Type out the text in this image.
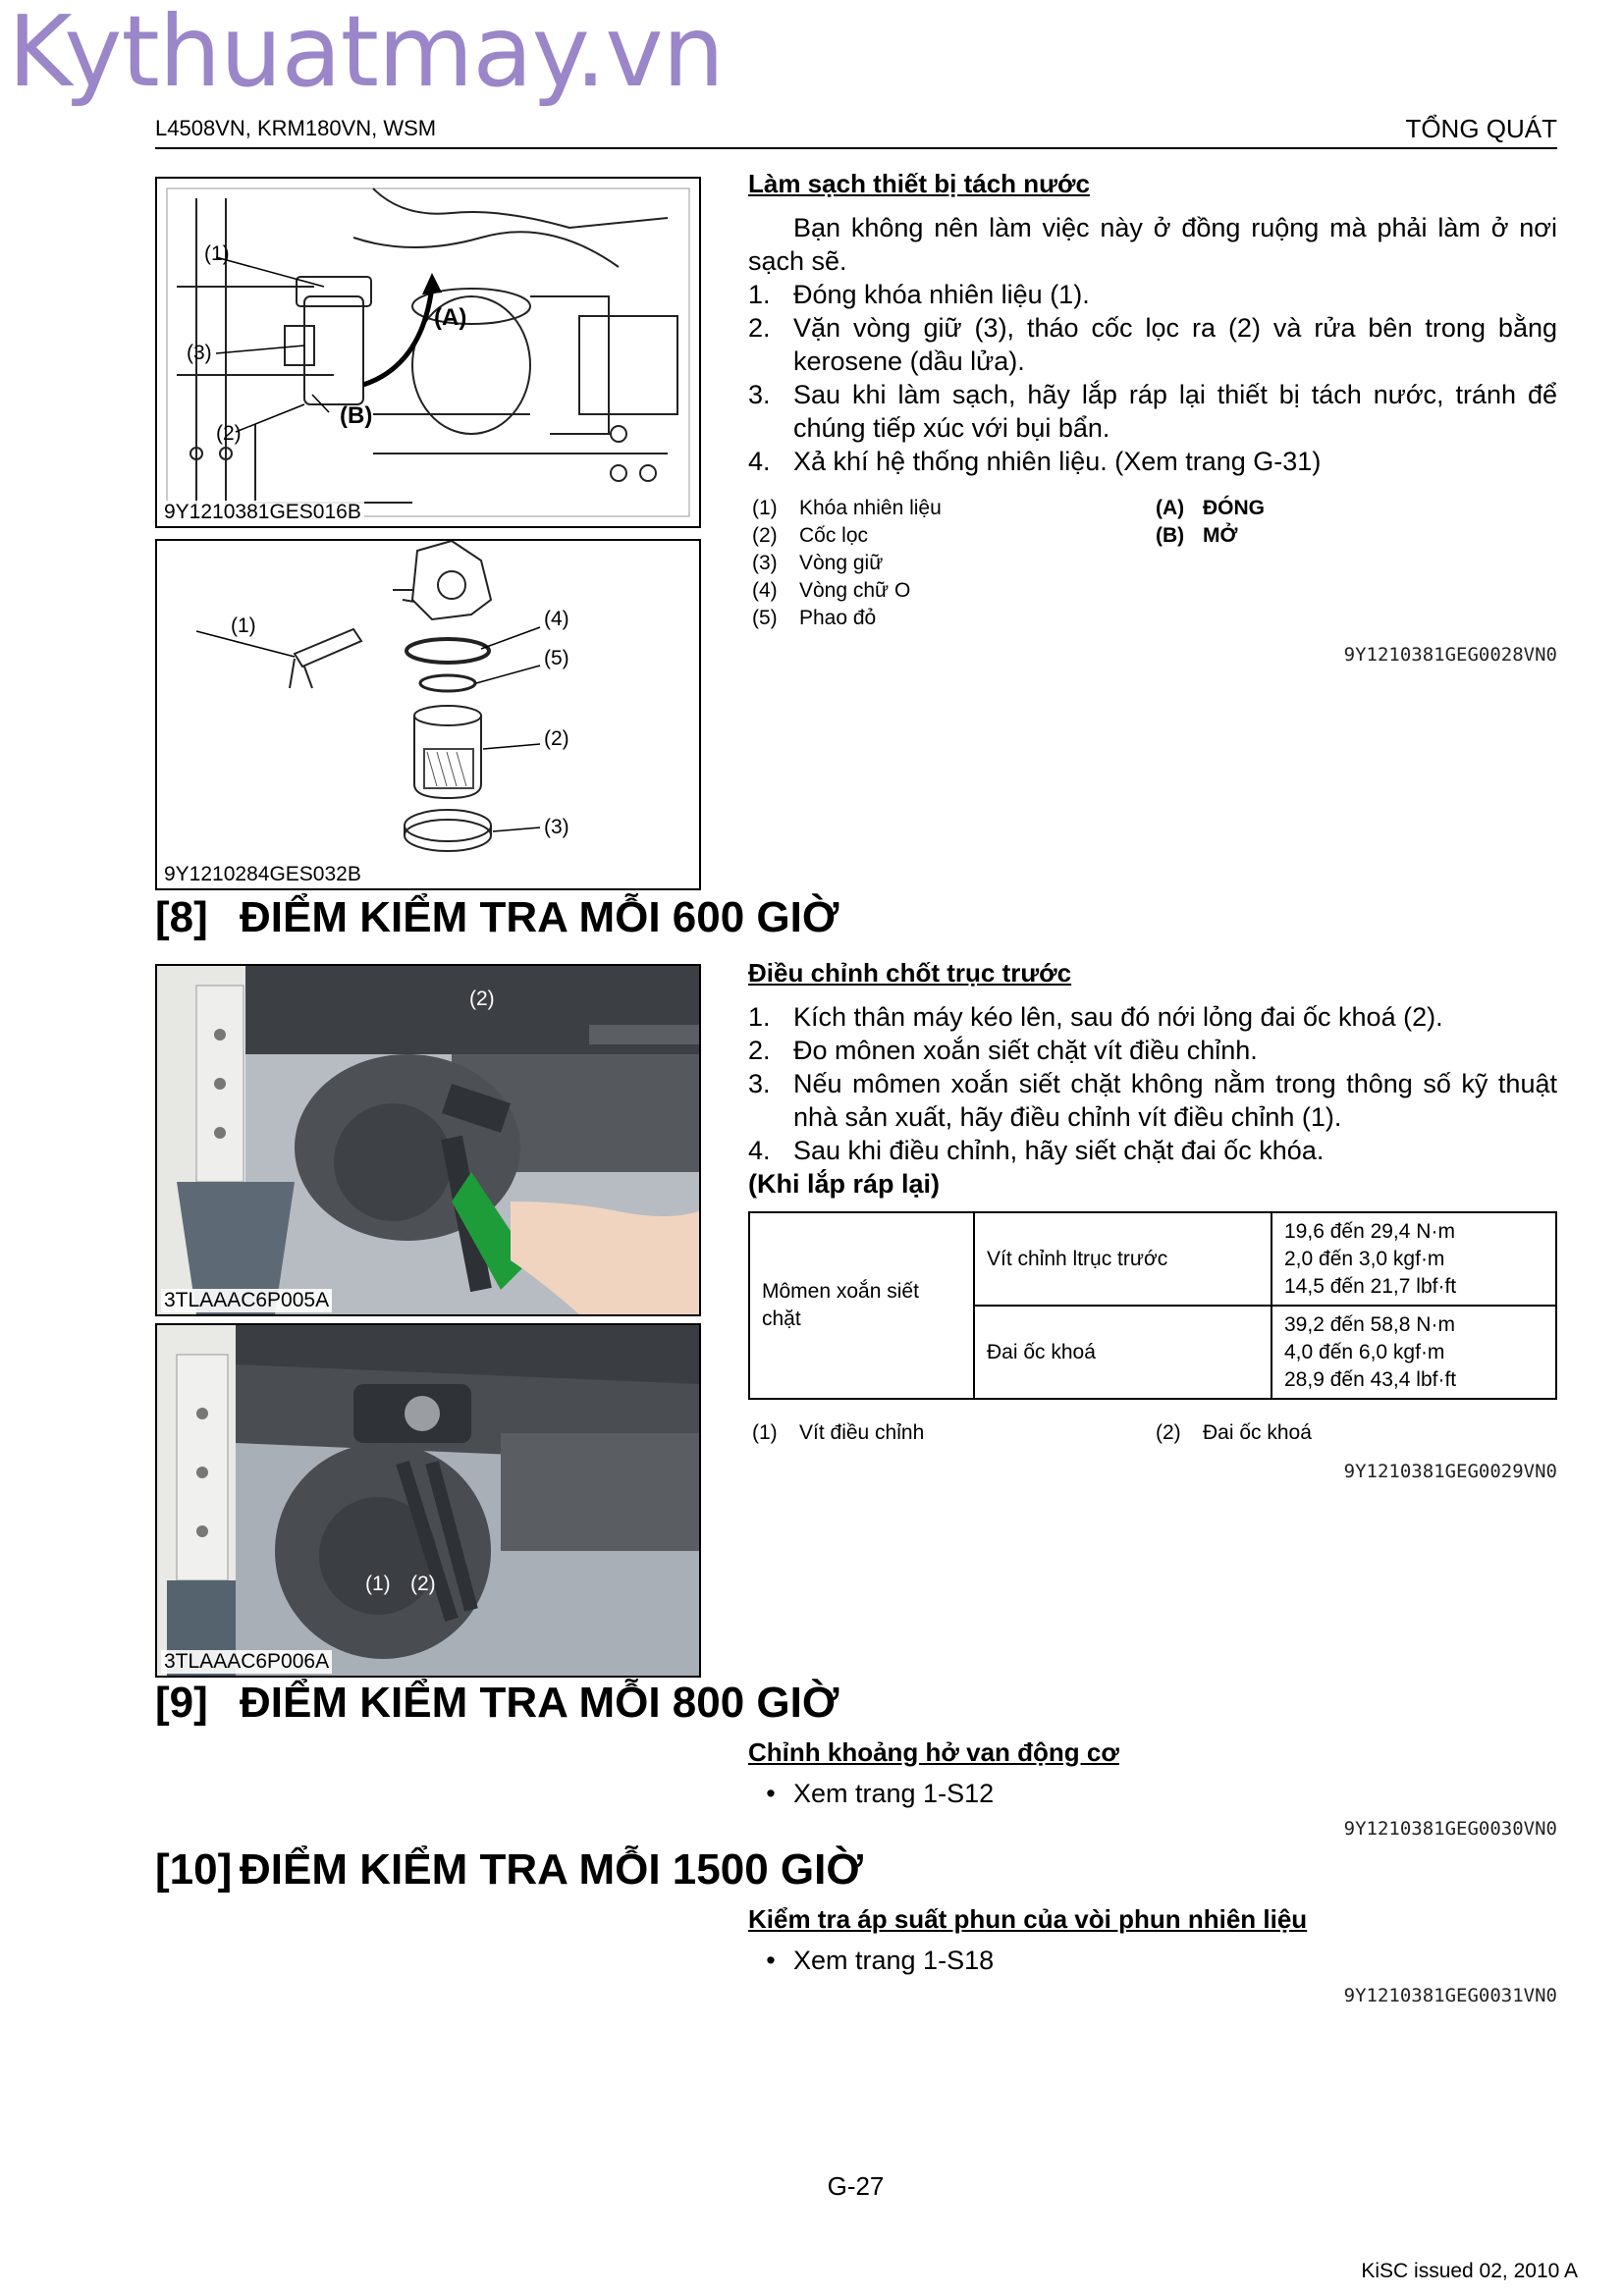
Kythuatmay.vn
L4508VN, KRM180VN, WSM	TỔNG QUÁT
(1)
(3)
(2)
(A)
(B)
9Y1210381GES016B
(1)	(4)
(5)
(2)
(3)
9Y1210284GES032B
Làm sạch thiết bị tách nước
Bạn không nên làm việc này ở đồng ruộng mà phải làm ở nơi sạch sẽ.
1. Đóng khóa nhiên liệu (1).
2. Vặn vòng giữ (3), tháo cốc lọc ra (2) và rửa bên trong bằng kerosene (dầu lửa).
3. Sau khi làm sạch, hãy lắp ráp lại thiết bị tách nước, tránh để chúng tiếp xúc với bụi bẩn.
4. Xả khí hệ thống nhiên liệu. (Xem trang G-31)
(1)	Khóa nhiên liệu
(2)	Cốc lọc
(3)	Vòng giữ
(4)	Vòng chữ O
(5)	Phao đỏ
(A) ĐÓNG
(B) MỞ
9Y1210381GEG0028VN0
[8] ĐIỂM KIỂM TRA MỖI 600 GIỜ
(2)
3TLAAAC6P005A
(1) (2)
3TLAAAC6P006A
Điều chỉnh chốt trục trước
1. Kích thân máy kéo lên, sau đó nới lỏng đai ốc khoá (2).
2. Đo mônen xoắn siết chặt vít điều chỉnh.
3. Nếu mômen xoắn siết chặt không nằm trong thông số kỹ thuật nhà sản xuất, hãy điều chỉnh vít điều chỉnh (1).
4. Sau khi điều chỉnh, hãy siết chặt đai ốc khóa.
(Khi lắp ráp lại)
Mômen xoắn siết chặt	Vít chỉnh ltrục trước	19,6 đến 29,4 N·m
2,0 đến 3,0 kgf·m
14,5 đến 21,7 lbf·ft

	Đai ốc khoá	39,2 đến 58,8 N·m
4,0 đến 6,0 kgf·m
28,9 đến 43,4 lbf·ft
(1)	Vít điều chỉnh	(2)	Đai ốc khoá
9Y1210381GEG0029VN0
[9] ĐIỂM KIỂM TRA MỖI 800 GIỜ
Chỉnh khoảng hở van động cơ
• Xem trang 1-S12
9Y1210381GEG0030VN0
[10] ĐIỂM KIỂM TRA MỖI 1500 GIỜ
Kiểm tra áp suất phun của vòi phun nhiên liệu
• Xem trang 1-S18
9Y1210381GEG0031VN0
G-27
KiSC issued 02, 2010 A
